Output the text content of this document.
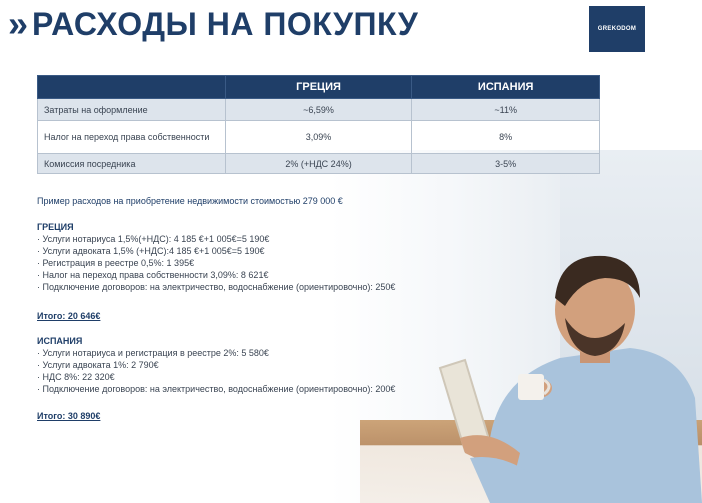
» РАСХОДЫ НА ПОКУПКУ	GREKODOM
	ГРЕЦИЯ	ИСПАНИЯ
Затраты на оформление	~6,59%	~11%
Налог на переход права собственности	3,09%	8%
Комиссия посредника	2% (+НДС 24%)	3-5%
Пример расходов на приобретение недвижимости стоимостью 279 000 €
ГРЕЦИЯ
· Услуги нотариуса 1,5%(+НДС): 4 185 €+1 005€=5 190€
· Услуги адвоката 1,5% (+НДС):4 185 €+1 005€=5 190€
· Регистрация в реестре 0,5%: 1 395€
· Налог на переход права собственности 3,09%: 8 621€
· Подключение договоров: на электричество, водоснабжение (ориентировочно): 250€
Итого: 20 646€
ИСПАНИЯ
· Услуги нотариуса и регистрация в реестре 2%: 5 580€
· Услуги адвоката 1%: 2 790€
· НДС 8%: 22 320€
· Подключение договоров: на электричество, водоснабжение (ориентировочно): 200€
Итого: 30 890€
